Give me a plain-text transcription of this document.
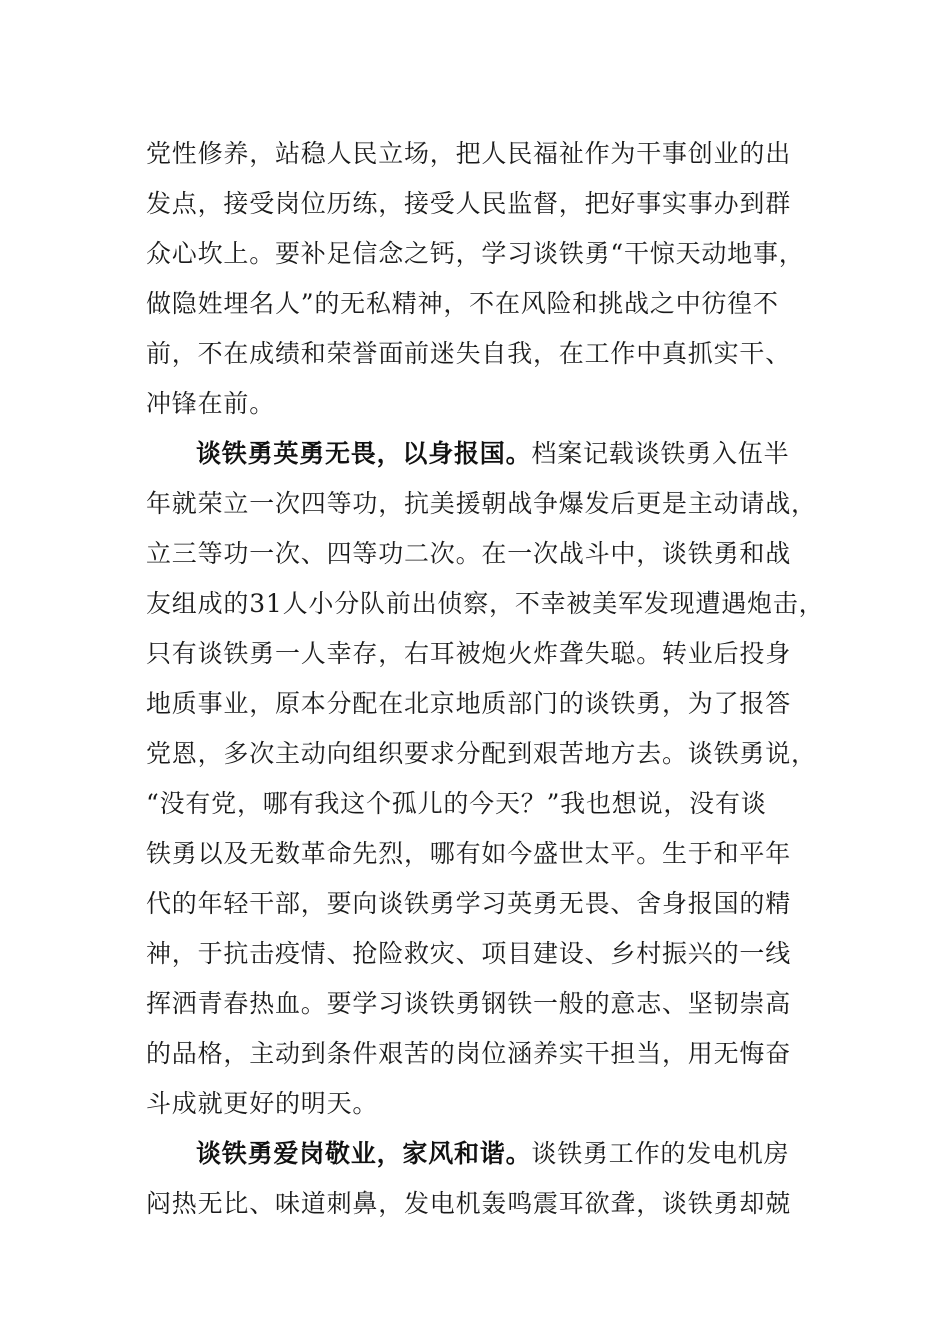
党性修养，站稳人民立场，把人民福祉作为干事创业的出
发点，接受岗位历练，接受人民监督，把好事实事办到群
众心坎上。要补足信念之钙，学习谈铁勇“干惊天动地事，
做隐姓埋名人”的无私精神，不在风险和挑战之中彷徨不
前，不在成绩和荣誉面前迷失自我，在工作中真抓实干、
冲锋在前。
谈铁勇英勇无畏，以身报国。档案记载谈铁勇入伍半
年就荣立一次四等功，抗美援朝战争爆发后更是主动请战，
立三等功一次、四等功二次。在一次战斗中，谈铁勇和战
友组成的31人小分队前出侦察，不幸被美军发现遭遇炮击，
只有谈铁勇一人幸存，右耳被炮火炸聋失聪。转业后投身
地质事业，原本分配在北京地质部门的谈铁勇，为了报答
党恩，多次主动向组织要求分配到艰苦地方去。谈铁勇说，
“没有党，哪有我这个孤儿的今天？”我也想说，没有谈
铁勇以及无数革命先烈，哪有如今盛世太平。生于和平年
代的年轻干部，要向谈铁勇学习英勇无畏、舍身报国的精
神，于抗击疫情、抢险救灾、项目建设、乡村振兴的一线
挥洒青春热血。要学习谈铁勇钢铁一般的意志、坚韧崇高
的品格，主动到条件艰苦的岗位涵养实干担当，用无悔奋
斗成就更好的明天。
谈铁勇爱岗敬业，家风和谐。谈铁勇工作的发电机房
闷热无比、味道刺鼻，发电机轰鸣震耳欲聋，谈铁勇却兢
